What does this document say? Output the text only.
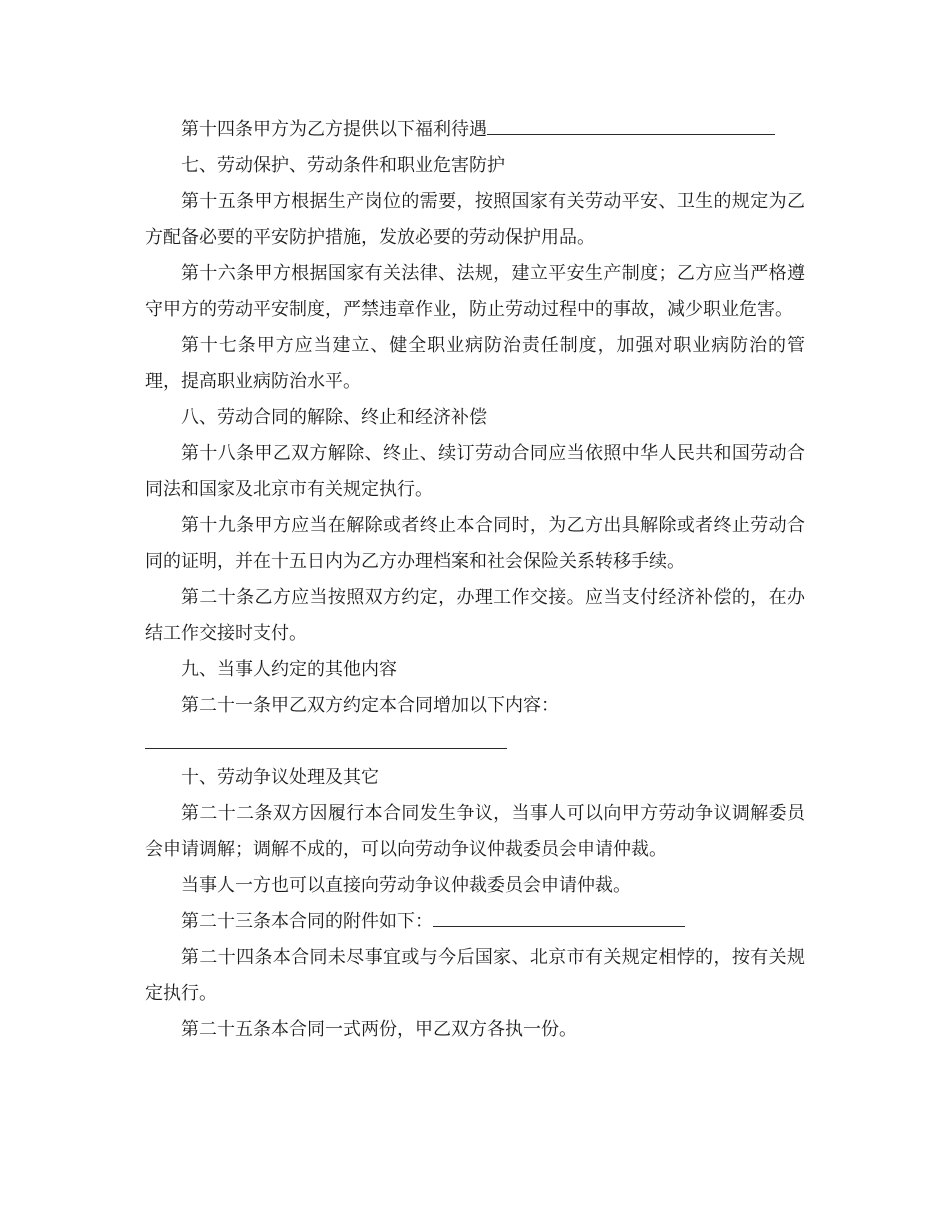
第十四条甲方为乙方提供以下福利待遇

七、劳动保护、劳动条件和职业危害防护

第十五条甲方根据生产岗位的需要，按照国家有关劳动平安、卫生的规定为乙方配备必要的平安防护措施，发放必要的劳动保护用品。

第十六条甲方根据国家有关法律、法规，建立平安生产制度；乙方应当严格遵守甲方的劳动平安制度，严禁违章作业，防止劳动过程中的事故，减少职业危害。

第十七条甲方应当建立、健全职业病防治责任制度，加强对职业病防治的管理，提高职业病防治水平。

八、劳动合同的解除、终止和经济补偿

第十八条甲乙双方解除、终止、续订劳动合同应当依照中华人民共和国劳动合同法和国家及北京市有关规定执行。

第十九条甲方应当在解除或者终止本合同时，为乙方出具解除或者终止劳动合同的证明，并在十五日内为乙方办理档案和社会保险关系转移手续。

第二十条乙方应当按照双方约定，办理工作交接。应当支付经济补偿的，在办结工作交接时支付。

九、当事人约定的其他内容

第二十一条甲乙双方约定本合同增加以下内容：

十、劳动争议处理及其它

第二十二条双方因履行本合同发生争议，当事人可以向甲方劳动争议调解委员会申请调解；调解不成的，可以向劳动争议仲裁委员会申请仲裁。

当事人一方也可以直接向劳动争议仲裁委员会申请仲裁。

第二十三条本合同的附件如下：

第二十四条本合同未尽事宜或与今后国家、北京市有关规定相悖的，按有关规定执行。

第二十五条本合同一式两份，甲乙双方各执一份。
